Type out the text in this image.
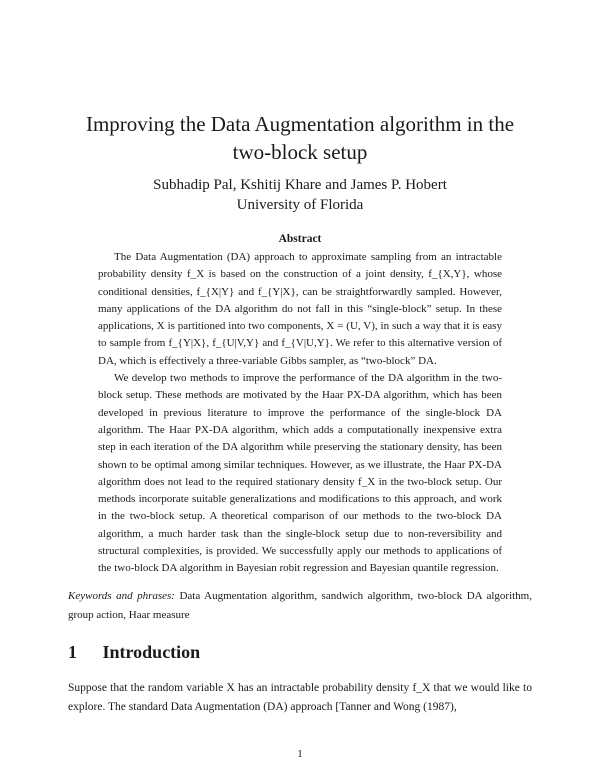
Improving the Data Augmentation algorithm in the
two-block setup
Subhadip Pal, Kshitij Khare and James P. Hobert
University of Florida
Abstract

The Data Augmentation (DA) approach to approximate sampling from an intractable probability density f_X is based on the construction of a joint density, f_{X,Y}, whose conditional densities, f_{X|Y} and f_{Y|X}, can be straightforwardly sampled. However, many applications of the DA algorithm do not fall in this “single-block” setup. In these applications, X is partitioned into two components, X = (U, V), in such a way that it is easy to sample from f_{Y|X}, f_{U|V,Y} and f_{V|U,Y}. We refer to this alternative version of DA, which is effectively a three-variable Gibbs sampler, as “two-block” DA.

We develop two methods to improve the performance of the DA algorithm in the two-block setup. These methods are motivated by the Haar PX-DA algorithm, which has been developed in previous literature to improve the performance of the single-block DA algorithm. The Haar PX-DA algorithm, which adds a computationally inexpensive extra step in each iteration of the DA algorithm while preserving the stationary density, has been shown to be optimal among similar techniques. However, as we illustrate, the Haar PX-DA algorithm does not lead to the required stationary density f_X in the two-block setup. Our methods incorporate suitable generalizations and modifications to this approach, and work in the two-block setup. A theoretical comparison of our methods to the two-block DA algorithm, a much harder task than the single-block setup due to non-reversibility and structural complexities, is provided. We successfully apply our methods to applications of the two-block DA algorithm in Bayesian robit regression and Bayesian quantile regression.

Keywords and phrases: Data Augmentation algorithm, sandwich algorithm, two-block DA algorithm, group action, Haar measure
1 Introduction
Suppose that the random variable X has an intractable probability density f_X that we would like to explore. The standard Data Augmentation (DA) approach [Tanner and Wong (1987),
1
